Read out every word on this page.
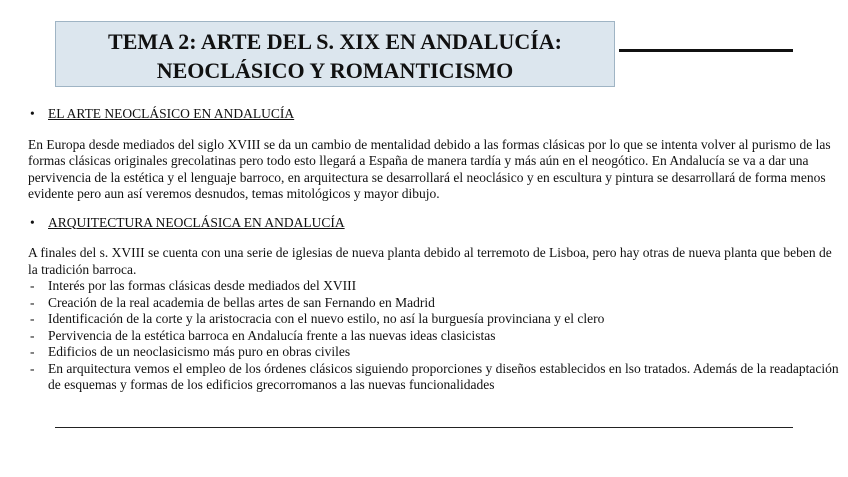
TEMA 2: ARTE DEL S. XIX EN ANDALUCÍA:
NEOCLÁSICO Y ROMANTICISMO
• EL ARTE NEOCLÁSICO EN ANDALUCÍA

En Europa desde mediados del siglo XVIII se da un cambio de mentalidad debido a las formas clásicas por lo que se intenta volver al purismo de las formas clásicas originales grecolatinas pero todo esto llegará a España de manera tardía y más aún en el neogótico. En Andalucía se va a dar una pervivencia de la estética y el lenguaje barroco, en arquitectura se desarrollará el neoclásico y en escultura y pintura se desarrollará de forma menos evidente pero aun así veremos desnudos, temas mitológicos y mayor dibujo.

• ARQUITECTURA NEOCLÁSICA EN ANDALUCÍA

A finales del s. XVIII se cuenta con una serie de iglesias de nueva planta debido al terremoto de Lisboa, pero hay otras de nueva planta que beben de la tradición barroca.

-	Interés por las formas clásicas desde mediados del XVIII
-	Creación de la real academia de bellas artes de san Fernando en Madrid
-	Identificación de la corte y la aristocracia con el nuevo estilo, no así la burguesía provinciana y el clero
-	Pervivencia de la estética barroca en Andalucía frente a las nuevas ideas clasicistas
-	Edificios de un neoclasicismo más puro en obras civiles
-	En arquitectura vemos el empleo de los órdenes clásicos siguiendo proporciones y diseños establecidos en lso tratados. Además de la readaptación de esquemas y formas de los edificios grecorromanos a las nuevas funcionalidades
